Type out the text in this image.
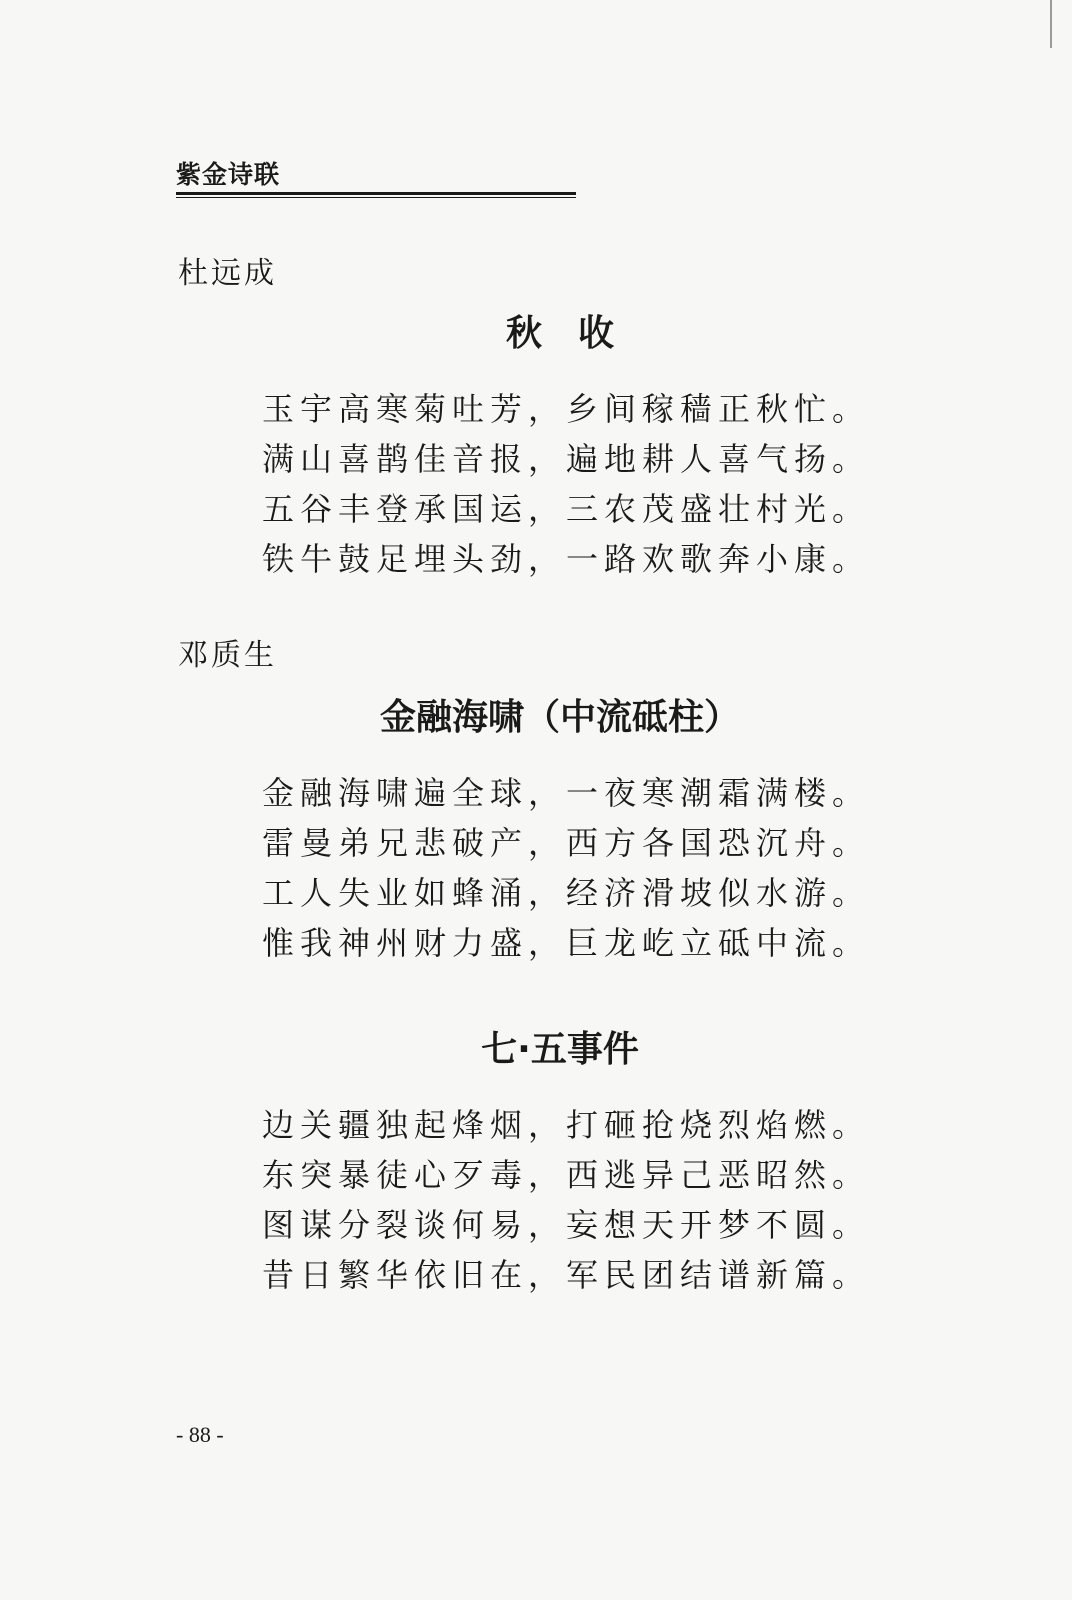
紫金诗联
杜远成
秋　收
玉宇高寒菊吐芳，乡间稼穑正秋忙。
满山喜鹊佳音报，遍地耕人喜气扬。
五谷丰登承国运，三农茂盛壮村光。
铁牛鼓足埋头劲，一路欢歌奔小康。
邓质生
金融海啸（中流砥柱）
金融海啸遍全球，一夜寒潮霜满楼。
雷曼弟兄悲破产，西方各国恐沉舟。
工人失业如蜂涌，经济滑坡似水游。
惟我神州财力盛，巨龙屹立砥中流。
七·五事件
边关疆独起烽烟，打砸抢烧烈焰燃。
东突暴徒心歹毒，西逃异己恶昭然。
图谋分裂谈何易，妄想天开梦不圆。
昔日繁华依旧在，军民团结谱新篇。
- 88 -
